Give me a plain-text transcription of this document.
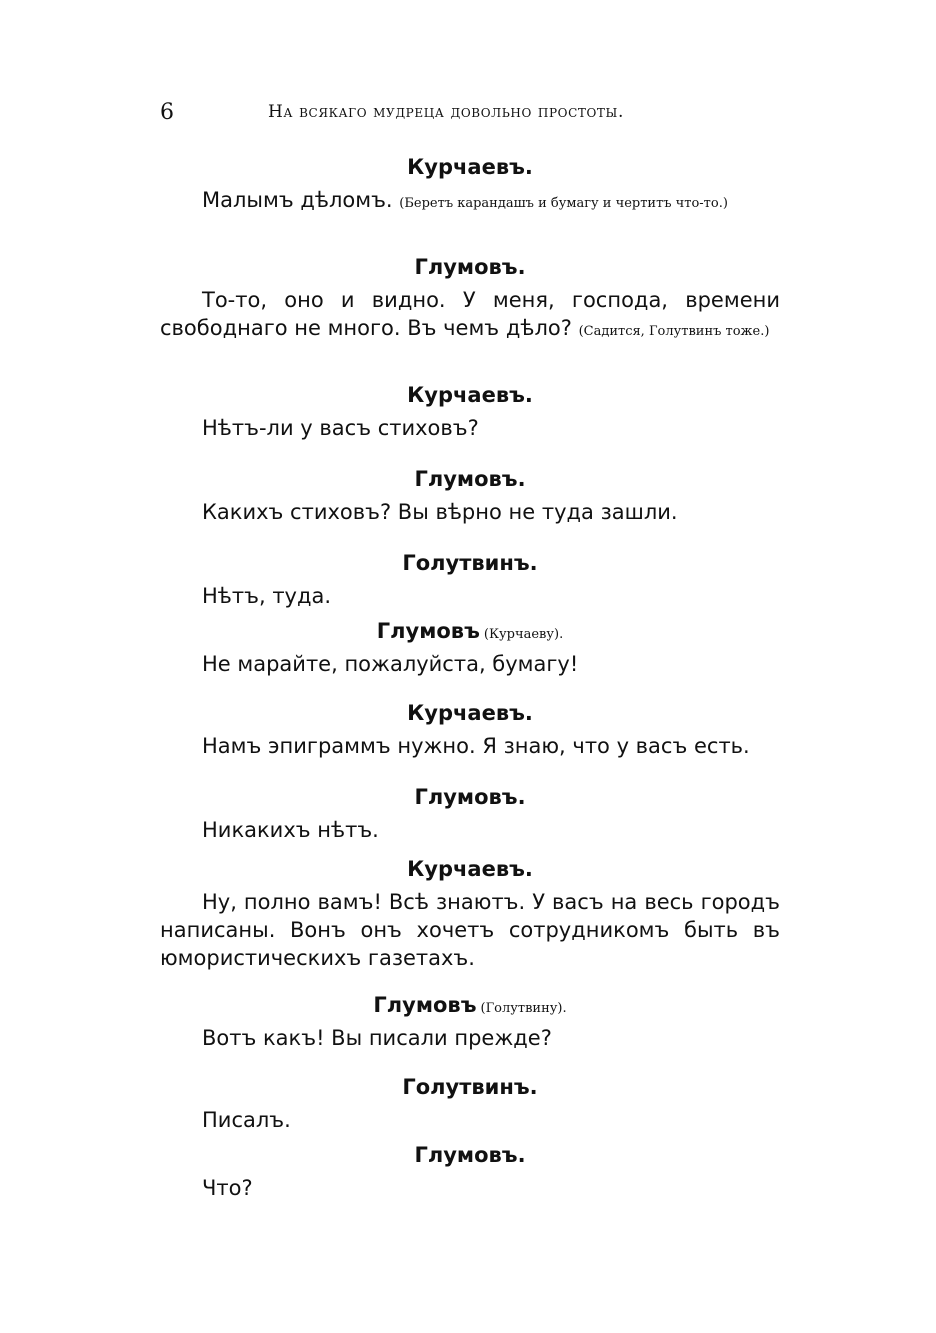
6	На всякаго мудреца довольно простоты.

Курчаевъ.

Малымъ дѣломъ. (Беретъ карандашъ и бумагу и чертитъ что-то.)

Глумовъ.

То-то, оно и видно. У меня, господа, времени свободнаго не много. Въ чемъ дѣло? (Садится, Голутвинъ тоже.)

Курчаевъ.

Нѣтъ-ли у васъ стиховъ?

Глумовъ.

Какихъ стиховъ? Вы вѣрно не туда зашли.

Голутвинъ.

Нѣтъ, туда.

Глумовъ (Курчаеву).

Не марайте, пожалуйста, бумагу!

Курчаевъ.

Намъ эпиграммъ нужно. Я знаю, что у васъ есть.

Глумовъ.

Никакихъ нѣтъ.

Курчаевъ.

Ну, полно вамъ! Всѣ знаютъ. У васъ на весь городъ написаны. Вонъ онъ хочетъ сотрудникомъ быть въ юмористическихъ газетахъ.

Глумовъ (Голутвину).

Вотъ какъ! Вы писали прежде?

Голутвинъ.

Писалъ.

Глумовъ.

Что?
